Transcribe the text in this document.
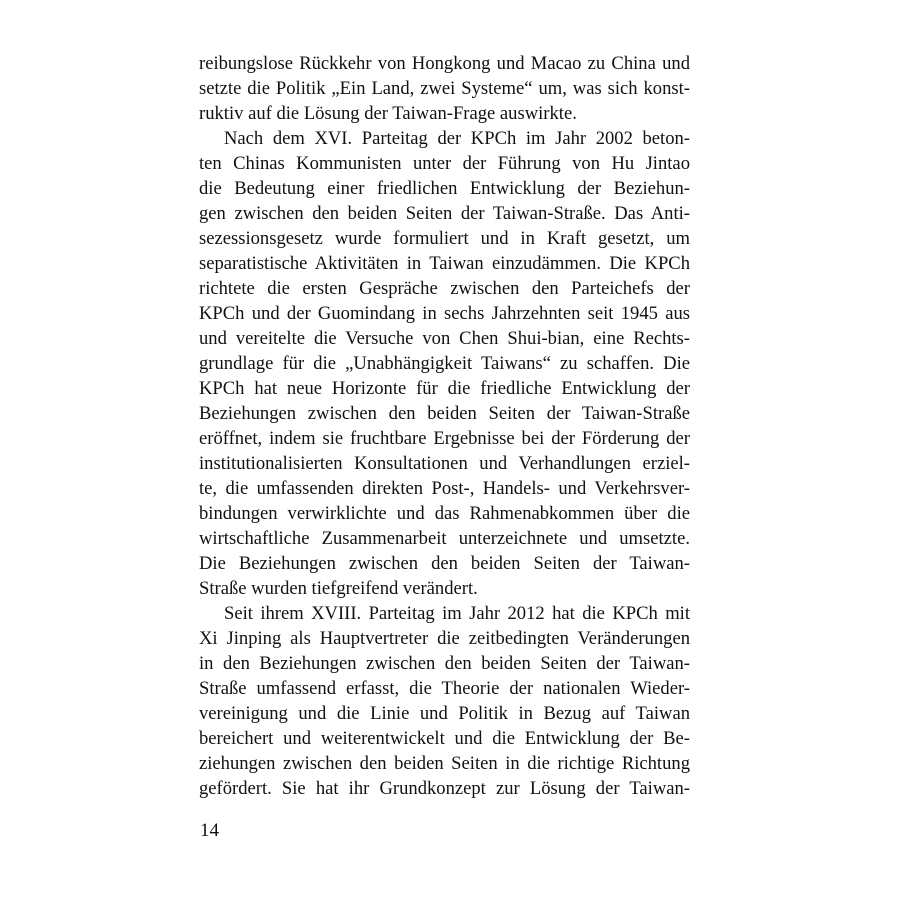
reibungslose Rückkehr von Hongkong und Macao zu China und
setzte die Politik „Ein Land, zwei Systeme“ um, was sich konst-
ruktiv auf die Lösung der Taiwan-Frage auswirkte.
Nach dem XVI. Parteitag der KPCh im Jahr 2002 beton-
ten Chinas Kommunisten unter der Führung von Hu Jintao
die Bedeutung einer friedlichen Entwicklung der Beziehun-
gen zwischen den beiden Seiten der Taiwan-Straße. Das Anti-
sezessionsgesetz wurde formuliert und in Kraft gesetzt, um
separatistische Aktivitäten in Taiwan einzudämmen. Die KPCh
richtete die ersten Gespräche zwischen den Parteichefs der
KPCh und der Guomindang in sechs Jahrzehnten seit 1945 aus
und vereitelte die Versuche von Chen Shui-bian, eine Rechts-
grundlage für die „Unabhängigkeit Taiwans“ zu schaffen. Die
KPCh hat neue Horizonte für die friedliche Entwicklung der
Beziehungen zwischen den beiden Seiten der Taiwan-Straße
eröffnet, indem sie fruchtbare Ergebnisse bei der Förderung der
institutionalisierten Konsultationen und Verhandlungen erziel-
te, die umfassenden direkten Post-, Handels- und Verkehrsver-
bindungen verwirklichte und das Rahmenabkommen über die
wirtschaftliche Zusammenarbeit unterzeichnete und umsetzte.
Die Beziehungen zwischen den beiden Seiten der Taiwan-
Straße wurden tiefgreifend verändert.
Seit ihrem XVIII. Parteitag im Jahr 2012 hat die KPCh mit
Xi Jinping als Hauptvertreter die zeitbedingten Veränderungen
in den Beziehungen zwischen den beiden Seiten der Taiwan-
Straße umfassend erfasst, die Theorie der nationalen Wieder-
vereinigung und die Linie und Politik in Bezug auf Taiwan
bereichert und weiterentwickelt und die Entwicklung der Be-
ziehungen zwischen den beiden Seiten in die richtige Richtung
gefördert. Sie hat ihr Grundkonzept zur Lösung der Taiwan-
14
